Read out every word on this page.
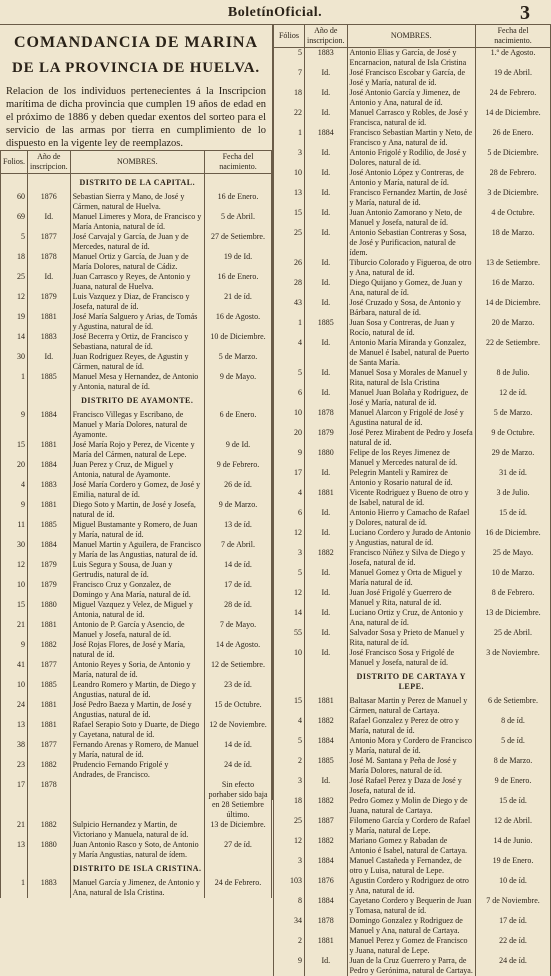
BoletínOficial.	3
COMANDANCIA DE MARINA
DE LA PROVINCIA DE HUELVA.
Relacion de los individuos pertenecientes á la Inscripcion marítima de dicha provincia que cumplen 19 años de edad en el próximo de 1886 y deben quedar exentos del sorteo para el servicio de las armas por tierra en cumplimiento de lo dispuesto en la vigente ley de reemplazos.
Folios.	Año de inscripcion.	NOMBRES.	Fecha del nacimiento.
		DISTRITO DE LA CAPITAL.	
60	1876	Sebastian Sierra y Mano, de José y Cármen, natural de Huelva.	16 de Enero.
69	Id.	Manuel Limeres y Mora, de Francisco y María Antonia, natural de íd.	5 de Abril.
5	1877	José Carvajal y García, de Juan y de Mercedes, natural de íd.	27 de Setiembre.
18	1878	Manuel Ortiz y García, de Juan y de María Dolores, natural de Cádiz.	19 de Id.
25	Id.	Juan Carrasco y Reyes, de Antonio y Juana, natural de Huelva.	16 de Enero.
12	1879	Luis Vazquez y Diaz, de Francisco y Josefa, natural de íd.	21 de íd.
19	1881	José María Salguero y Arias, de Tomás y Agustina, natural de íd.	16 de Agosto.
14	1883	José Becerra y Ortiz, de Francisco y Sebastiana, natural de íd.	10 de Diciembre.
30	Id.	Juan Rodriguez Reyes, de Agustin y Cármen, natural de íd.	5 de Marzo.
1	1885	Manuel Mesa y Hernandez, de Antonio y Antonia, natural de íd.	9 de Mayo.
		DISTRITO DE AYAMONTE.	
9	1884	Francisco Villegas y Escribano, de Manuel y María Dolores, natural de Ayamonte.	6 de Enero.
15	1881	José María Rojo y Perez, de Vicente y María del Cármen, natural de Lepe.	9 de Id.
20	1884	Juan Perez y Cruz, de Miguel y Antonia, natural de Ayamonte.	9 de Febrero.
4	1883	José María Cordero y Gomez, de José y Emilia, natural de íd.	26 de íd.
9	1881	Diego Soto y Martin, de José y Josefa, natural de íd.	9 de Marzo.
11	1885	Miguel Bustamante y Romero, de Juan y María, natural de íd.	13 de íd.
30	1884	Manuel Martin y Aguilera, de Francisco y María de las Angustias, natural de íd.	7 de Abril.
12	1879	Luis Segura y Sousa, de Juan y Gertrudis, natural de íd.	14 de íd.
10	1879	Francisco Cruz y Gonzalez, de Domingo y Ana María, natural de íd.	17 de íd.
15	1880	Miguel Vazquez y Velez, de Miguel y Antonia, natural de íd.	28 de íd.
21	1881	Antonio de P. García y Asencio, de Manuel y Josefa, natural de íd.	7 de Mayo.
9	1882	José Rojas Flores, de José y María, natural de íd.	14 de Agosto.
41	1877	Antonio Reyes y Soria, de Antonio y María, natural de íd.	12 de Setiembre.
10	1885	Leandro Romero y Martin, de Diego y Angustias, natural de íd.	23 de íd.
24	1881	José Pedro Baeza y Martin, de José y Angustias, natural de íd.	15 de Octubre.
13	1881	Rafael Serapio Soto y Duarte, de Diego y Cayetana, natural de íd.	12 de Noviembre.
38	1877	Fernando Arenas y Romero, de Manuel y María, natural de íd.	14 de íd.
23	1882	Prudencio Fernando Frigolé y Andrades, de Francisco.	24 de íd.
17	1878		Sin efecto porhaber sido baja en 28 Setiembre último.
21	1882	Sulpicio Hernandez y Martin, de Victoriano y Manuela, natural de íd.	13 de Diciembre.
13	1880	Juan Antonio Rasco y Soto, de Antonio y María Angustias, natural de ídem.	27 de íd.
		DISTRITO DE ISLA CRISTINA.	
1	1883	Manuel García y Jimenez, de Antonio y Ana, natural de Isla Cristina.	24 de Febrero.
Fólios	Año de inscripcion.	NOMBRES.	Fecha del nacimiento.
5	1883	Antonio Elias y García, de José y Encarnacion, natural de Isla Cristina	1.º de Agosto.
7	Id.	José Francisco Escobar y García, de José y María, natural de íd.	19 de Abril.
18	Id.	José Antonio García y Jimenez, de Antonio y Ana, natural de íd.	24 de Febrero.
22	Id.	Manuel Carrasco y Robles, de José y Francisca, natural de íd.	14 de Diciembre.
1	1884	Francisco Sebastian Martin y Neto, de Francisco y Ana, natural de íd.	26 de Enero.
3	Id.	Antonio Frigolé y Rodilio, de José y Dolores, natural de íd.	5 de Diciembre.
10	Id.	José Antonio López y Contreras, de Antonio y María, natural de íd.	28 de Febrero.
13	Id.	Francisco Fernandez Martin, de José y María, natural de íd.	3 de Diciembre.
15	Id.	Juan Antonio Zamorano y Neto, de Manuel y Josefa, natural de íd.	4 de Octubre.
25	Id.	Antonio Sebastian Contreras y Sosa, de José y Purificacion, natural de ídem.	18 de Marzo.
26	Id.	Tiburcio Colorado y Figueroa, de otro y Ana, natural de íd.	13 de Setiembre.
28	Id.	Diego Quijano y Gomez, de Juan y Ana, natural de íd.	16 de Marzo.
43	Id.	José Cruzado y Sosa, de Antonio y Bárbara, natural de íd.	14 de Diciembre.
1	1885	Juan Sosa y Contreras, de Juan y Rocío, natural de íd.	20 de Marzo.
4	Id.	Antonio María Miranda y Gonzalez, de Manuel é Isabel, natural de Puerto de Santa María.	22 de Setiembre.
5	Id.	Manuel Sosa y Morales de Manuel y Rita, natural de Isla Cristina	8 de Julio.
6	Id.	Manuel Juan Bolaña y Rodriguez, de José y María, natural de íd.	12 de íd.
10	1878	Manuel Alarcon y Frigolé de José y Agustina natural de íd.	5 de Marzo.
20	1879	José Perez Mirabent de Pedro y Josefa natural de íd.	9 de Octubre.
9	1880	Felipe de los Reyes Jimenez de Manuel y Mercedes natural de íd.	29 de Marzo.
17	Id.	Pelegrin Manteli y Ramirez de Antonio y Rosario natural de íd.	31 de íd.
4	1881	Vicente Rodriguez y Bueno de otro y de Isabel, natural de íd.	3 de Julio.
6	Id.	Antonio Hierro y Camacho de Rafael y Dolores, natural de íd.	15 de íd.
12	Id.	Luciano Cordero y Jurado de Antonio y Angustias, natural de íd.	16 de Diciembre.
3	1882	Francisco Núñez y Silva de Diego y Josefa, natural de íd.	25 de Mayo.
5	Id.	Manuel Gomez y Orta de Miguel y María natural de íd.	10 de Marzo.
12	Id.	Juan José Frigolé y Guerrero de Manuel y Rita, natural de íd.	8 de Febrero.
14	Id.	Luciano Ortiz y Cruz, de Antonio y Ana, natural de íd.	13 de Diciembre.
55	Id.	Salvador Sosa y Prieto de Manuel y Rita, natural de íd.	25 de Abril.
10	Id.	José Francisco Sosa y Frigolé de Manuel y Josefa, natural de íd.	3 de Noviembre.
		DISTRITO DE CARTAYA Y LEPE.	
15	1881	Baltasar Martin y Perez de Manuel y Cármen, natural de Cartaya.	6 de Setiembre.
4	1882	Rafael Gonzalez y Perez de otro y María, natural de íd.	8 de íd.
5	1884	Antonio Mora y Cordero de Francisco y María, natural de íd.	5 de íd.
2	1885	José M. Santana y Peña de José y María Dolores, natural de íd.	8 de Marzo.
3	Id.	José Rafael Perez y Daza de José y Josefa, natural de íd.	9 de Enero.
18	1882	Pedro Gomez y Molin de Diego y de Juana, natural de Cartaya.	15 de íd.
25	1887	Filomeno García y Cordero de Rafael y María, natural de Lepe.	12 de Abril.
12	1882	Mariano Gomez y Rabadan de Antonio é Isabel, natural de Cartaya.	14 de Junio.
3	1884	Manuel Castañeda y Fernandez, de otro y Luisa, natural de Lepe.	19 de Enero.
103	1876	Agustin Cordero y Rodriguez de otro y Ana, natural de íd.	10 de íd.
8	1884	Cayetano Cordero y Bequerin de Juan y Tomasa, natural de íd.	7 de Noviembre.
34	1878	Domingo Gonzalez y Rodriguez de Manuel y Ana, natural de Cartaya.	17 de íd.
2	1881	Manuel Perez y Gomez de Francisco y Juana, natural de Lepe.	22 de íd.
9	Id.	Juan de la Cruz Guerrero y Parra, de Pedro y Gerónima, natural de Cartaya.	24 de íd.
